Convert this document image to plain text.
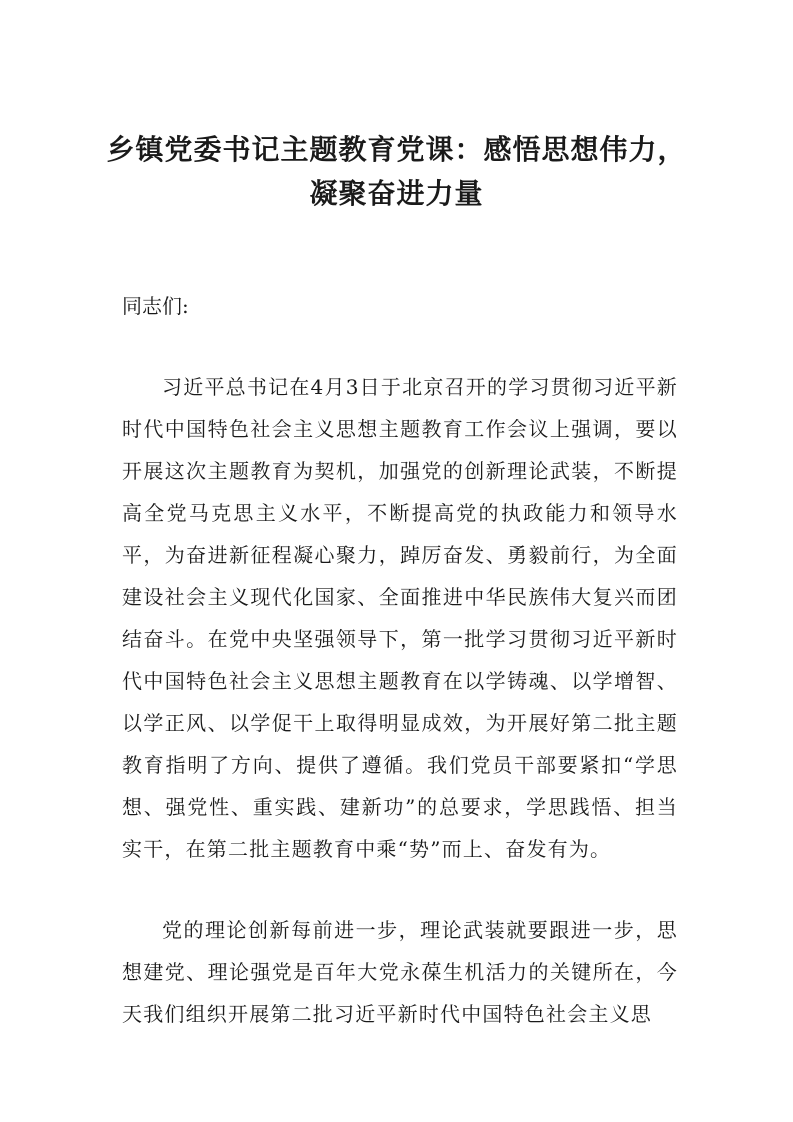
乡镇党委书记主题教育党课：感悟思想伟力，
凝聚奋进力量

同志们:

习近平总书记在4月3日于北京召开的学习贯彻习近平新时代中国特色社会主义思想主题教育工作会议上强调，要以开展这次主题教育为契机，加强党的创新理论武装，不断提高全党马克思主义水平，不断提高党的执政能力和领导水平，为奋进新征程凝心聚力，踔厉奋发、勇毅前行，为全面建设社会主义现代化国家、全面推进中华民族伟大复兴而团结奋斗。在党中央坚强领导下，第一批学习贯彻习近平新时代中国特色社会主义思想主题教育在以学铸魂、以学增智、以学正风、以学促干上取得明显成效，为开展好第二批主题教育指明了方向、提供了遵循。我们党员干部要紧扣“学思想、强党性、重实践、建新功”的总要求，学思践悟、担当实干，在第二批主题教育中乘“势”而上、奋发有为。

党的理论创新每前进一步，理论武装就要跟进一步，思想建党、理论强党是百年大党永葆生机活力的关键所在，今天我们组织开展第二批习近平新时代中国特色社会主义思
